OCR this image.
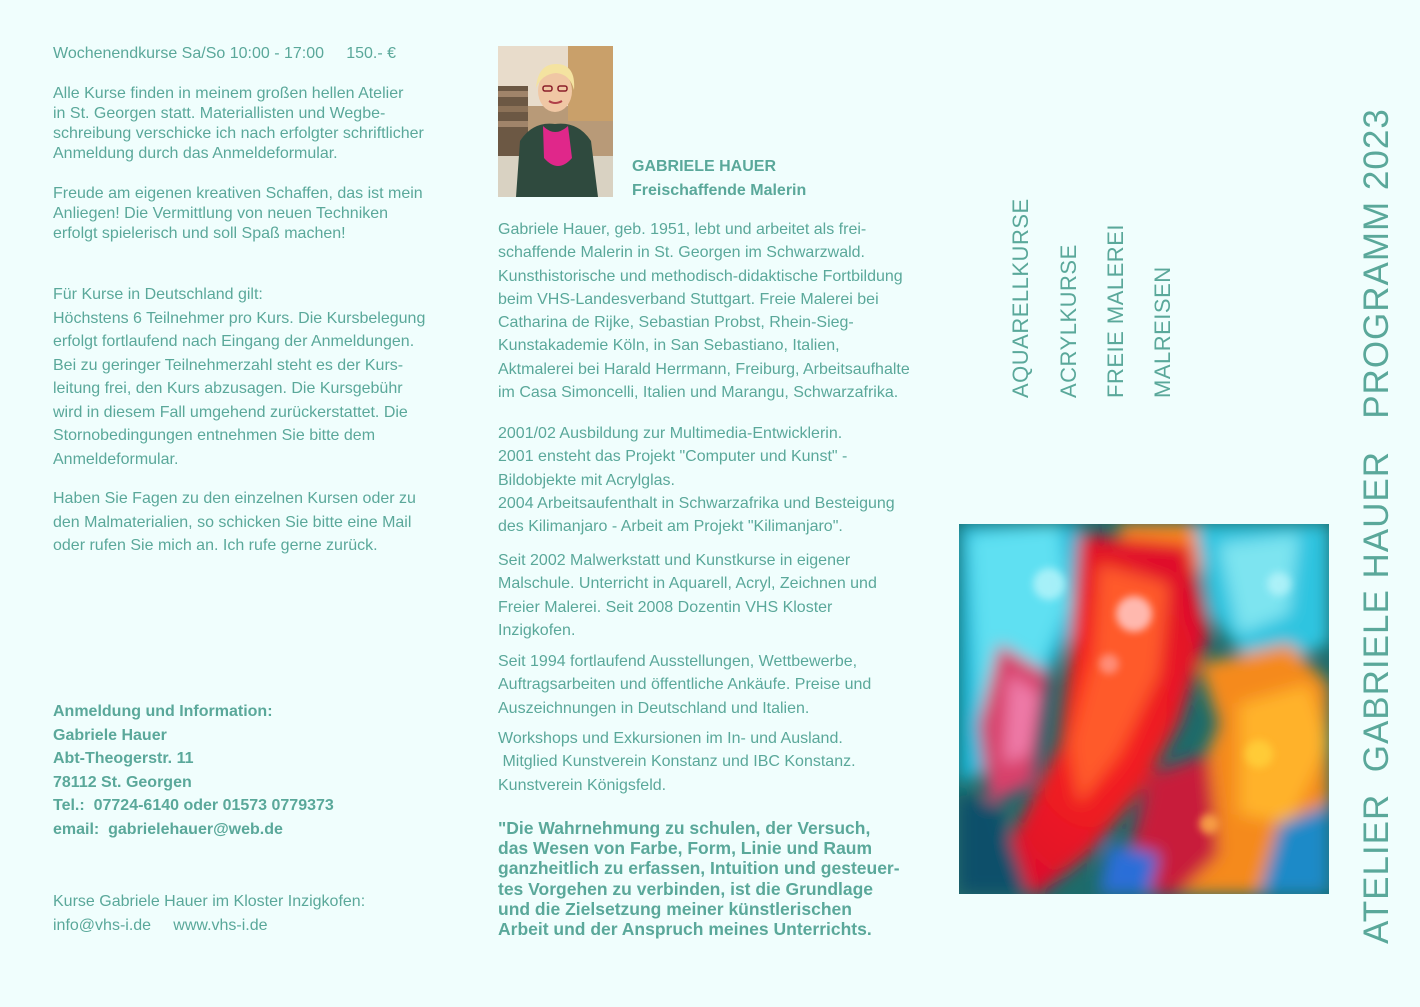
Wochenendkurse Sa/So 10:00 - 17:00     150.- €

Alle Kurse finden in meinem großen hellen Atelier

in St. Georgen statt. Materiallisten und Wegbe-

schreibung verschicke ich nach erfolgter schriftlicher

Anmeldung durch das Anmeldeformular.

Freude am eigenen kreativen Schaffen, das ist mein

Anliegen! Die Vermittlung von neuen Techniken

erfolgt spielerisch und soll Spaß machen!

Für Kurse in Deutschland gilt:

Höchstens 6 Teilnehmer pro Kurs. Die Kursbelegung

erfolgt fortlaufend nach Eingang der Anmeldungen.

Bei zu geringer Teilnehmerzahl steht es der Kurs-

leitung frei, den Kurs abzusagen. Die Kursgebühr

wird in diesem Fall umgehend zurückerstattet. Die

Stornobedingungen entnehmen Sie bitte dem

Anmeldeformular.

Haben Sie Fagen zu den einzelnen Kursen oder zu

den Malmaterialien, so schicken Sie bitte eine Mail

oder rufen Sie mich an. Ich rufe gerne zurück.

Anmeldung und Information:

Gabriele Hauer

Abt-Theogerstr. 11

78112 St. Georgen

Tel.:  07724-6140 oder 01573 0779373

email:  gabrielehauer@web.de

Kurse Gabriele Hauer im Kloster Inzigkofen:

info@vhs-i.de     www.vhs-i.de

GABRIELE HAUER
Freischaffende Malerin

Gabriele Hauer, geb. 1951, lebt und arbeitet als frei-

schaffende Malerin in St. Georgen im Schwarzwald.

Kunsthistorische und methodisch-didaktische Fortbildung

beim VHS-Landesverband Stuttgart. Freie Malerei bei

Catharina de Rijke, Sebastian Probst, Rhein-Sieg-

Kunstakademie Köln, in San Sebastiano, Italien,

Aktmalerei bei Harald Herrmann, Freiburg, Arbeitsaufhalte

im Casa Simoncelli, Italien und Marangu, Schwarzafrika.

2001/02 Ausbildung zur Multimedia-Entwicklerin.

2001 ensteht das Projekt "Computer und Kunst" -

Bildobjekte mit Acrylglas.

2004 Arbeitsaufenthalt in Schwarzafrika und Besteigung

des Kilimanjaro - Arbeit am Projekt "Kilimanjaro".

Seit 2002 Malwerkstatt und Kunstkurse in eigener

Malschule. Unterricht in Aquarell, Acryl, Zeichnen und

Freier Malerei. Seit 2008 Dozentin VHS Kloster

Inzigkofen.

Seit 1994 fortlaufend Ausstellungen, Wettbewerbe,

Auftragsarbeiten und öffentliche Ankäufe. Preise und

Auszeichnungen in Deutschland und Italien.

Workshops und Exkursionen im In- und Ausland.

Mitglied Kunstverein Konstanz und IBC Konstanz.

Kunstverein Königsfeld.

"Die Wahrnehmung zu schulen, der Versuch,

das Wesen von Farbe, Form, Linie und Raum

ganzheitlich zu erfassen, Intuition und gesteuer-

tes Vorgehen zu verbinden, ist die Grundlage

und die Zielsetzung meiner künstlerischen

Arbeit und der Anspruch meines Unterrichts.

AQUARELLKURSE ACRYLKURSE FREIE MALEREI MALREISEN	ATELIER  GABRIELE HAUER   PROGRAMM 2023
